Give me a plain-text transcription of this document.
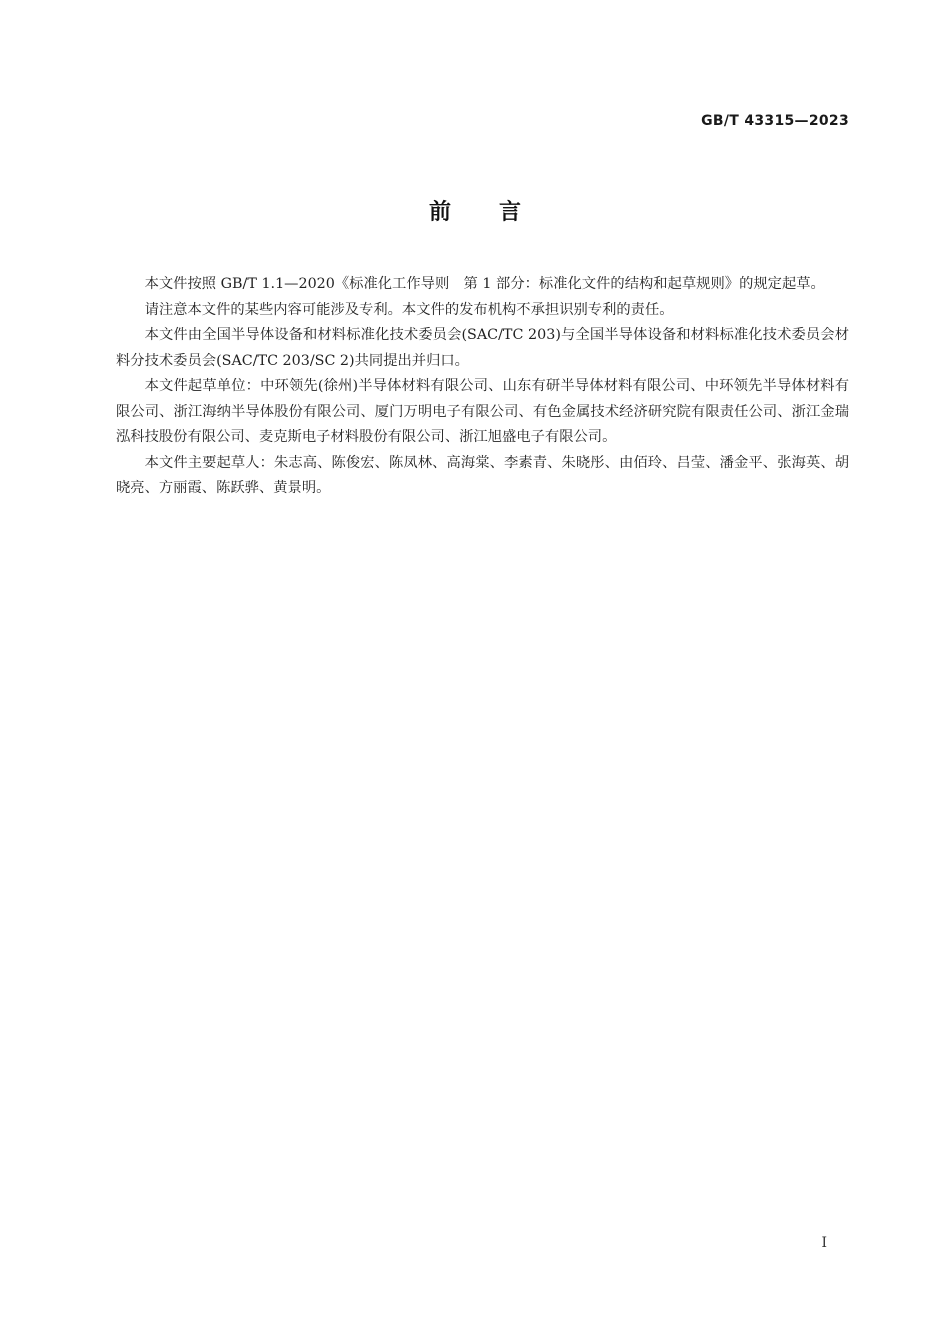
GB/T 43315—2023
前言

本文件按照 GB/T 1.1—2020《标准化工作导则　第 1 部分：标准化文件的结构和起草规则》的规定起草。

请注意本文件的某些内容可能涉及专利。本文件的发布机构不承担识别专利的责任。

本文件由全国半导体设备和材料标准化技术委员会(SAC/TC 203)与全国半导体设备和材料标准化技术委员会材料分技术委员会(SAC/TC 203/SC 2)共同提出并归口。

本文件起草单位：中环领先(徐州)半导体材料有限公司、山东有研半导体材料有限公司、中环领先半导体材料有限公司、浙江海纳半导体股份有限公司、厦门万明电子有限公司、有色金属技术经济研究院有限责任公司、浙江金瑞泓科技股份有限公司、麦克斯电子材料股份有限公司、浙江旭盛电子有限公司。

本文件主要起草人：朱志高、陈俊宏、陈凤林、高海棠、李素青、朱晓彤、由佰玲、吕莹、潘金平、张海英、胡晓亮、方丽霞、陈跃骅、黄景明。

I
